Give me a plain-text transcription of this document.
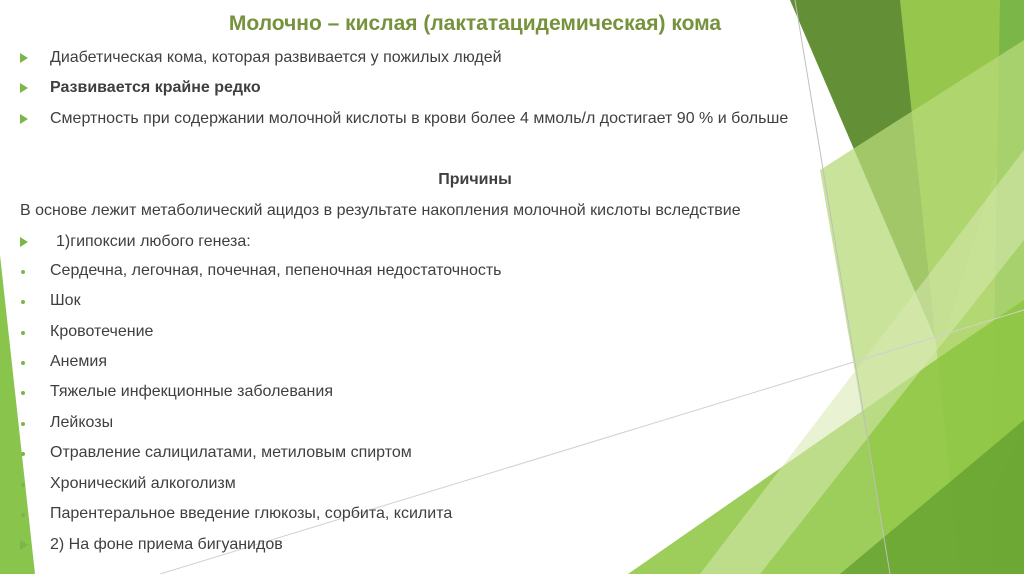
Молочно – кислая (лактатацидемическая) кома
Диабетическая кома, которая развивается у пожилых людей
Развивается крайне редко
Смертность при содержании молочной кислоты в крови более 4 ммоль/л достигает 90 % и больше
Причины
В основе лежит метаболический ацидоз в результате накопления молочной кислоты вследствие
1)гипоксии любого генеза:
Сердечна, легочная, почечная, пепеночная недостаточность
Шок
Кровотечение
Анемия
Тяжелые инфекционные заболевания
Лейкозы
Отравление салицилатами, метиловым спиртом
Хронический алкоголизм
Парентеральное введение глюкозы, сорбита, ксилита
2) На фоне приема бигуанидов
